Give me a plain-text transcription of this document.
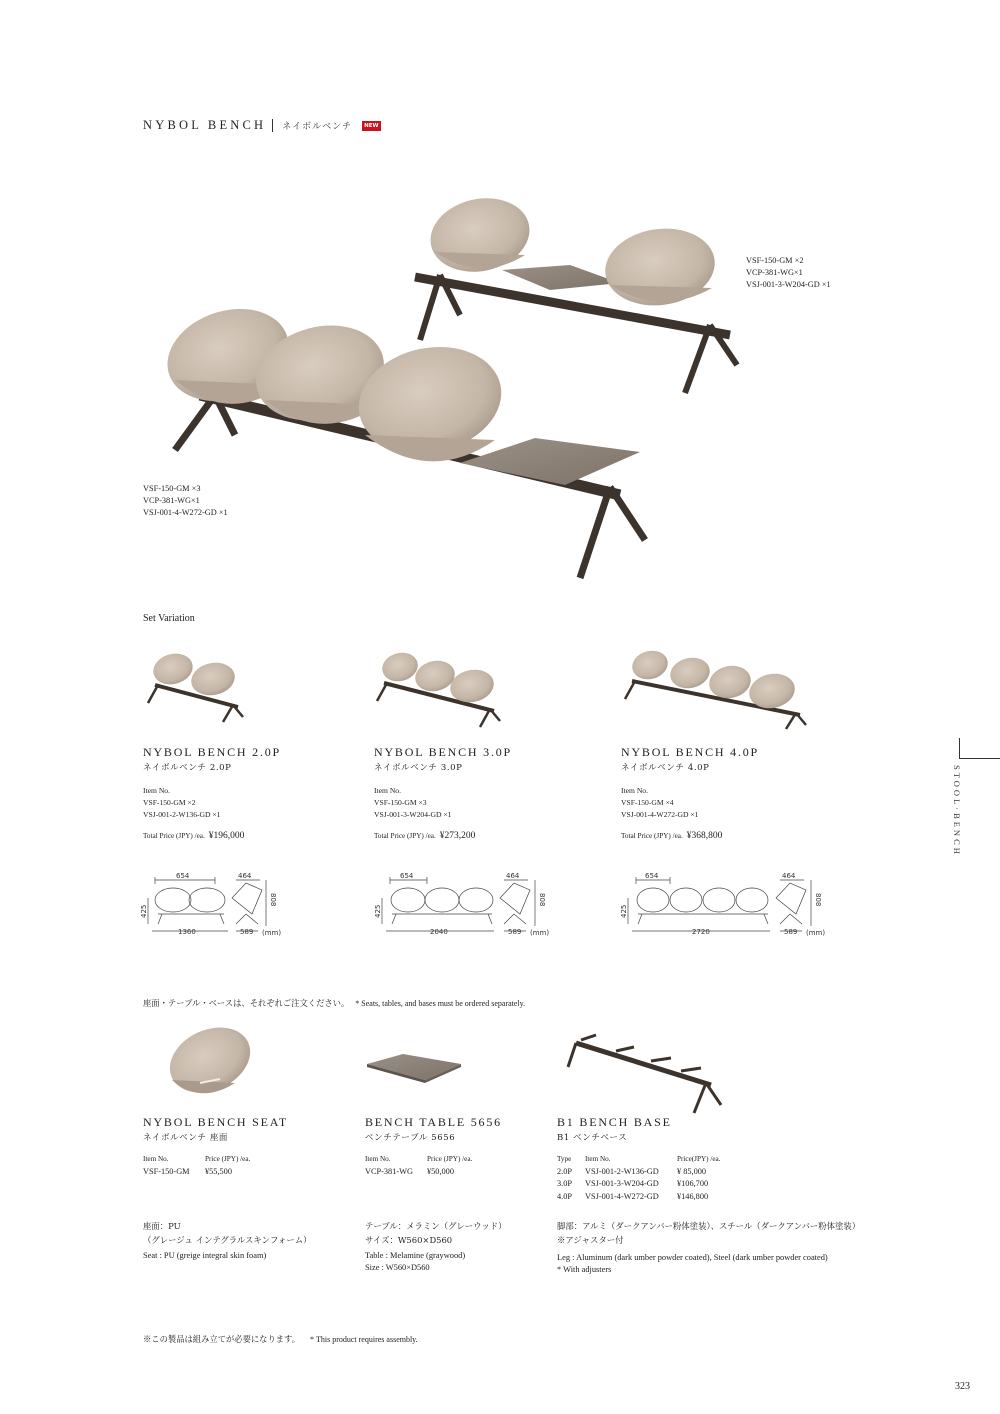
NYBOL BENCH ネイボルベンチ	NEW
VSF-150-GM ×2
VCP-381-WG×1
VSJ-001-3-W204-GD ×1
VSF-150-GM ×3
VCP-381-WG×1
VSJ-001-4-W272-GD ×1
Set Variation
STOOL·BENCH
NYBOL BENCH 2.0P
ネイボルベンチ 2.0P
Item No.
VSF-150-GM ×2
VSJ-001-2-W136-GD ×1
Total Price (JPY) /ea. ¥196,000
NYBOL BENCH 3.0P
ネイボルベンチ 3.0P
Item No.
VSF-150-GM ×3
VSJ-001-3-W204-GD ×1
Total Price (JPY) /ea. ¥273,200
NYBOL BENCH 4.0P
ネイボルベンチ 4.0P
Item No.
VSF-150-GM ×4
VSJ-001-4-W272-GD ×1
Total Price (JPY) /ea. ¥368,800
654	464
425
808
1360	589 (mm)
654	464
425
808
2040	589 (mm)
654	464
425
808
2720	589 (mm)
座面・テーブル・ベースは、それぞれご注文ください。 * Seats, tables, and bases must be ordered separately.
NYBOL BENCH SEAT
ネイボルベンチ 座面
Item No.	Price (JPY) /ea.
VSF-150-GM	¥55,500
座面：PU
（グレージュ インテグラルスキンフォーム）
Seat : PU (greige integral skin foam)
BENCH TABLE 5656
ベンチテーブル 5656
Item No.	Price (JPY) /ea.
VCP-381-WG	¥50,000
テーブル：メラミン（グレーウッド）
サイズ：W560×D560
Table : Melamine (graywood)
Size : W560×D560
B1 BENCH BASE
B1 ベンチベース
Type	Item No.	Price(JPY) /ea.
2.0P	VSJ-001-2-W136-GD	¥ 85,000
3.0P	VSJ-001-3-W204-GD	¥106,700
4.0P	VSJ-001-4-W272-GD	¥146,800
脚部：アルミ（ダークアンバー粉体塗装）、スチール（ダークアンバー粉体塗装）
※アジャスター付
Leg : Aluminum (dark umber powder coated), Steel (dark umber powder coated)
* With adjusters
※この製品は組み立てが必要になります。 * This product requires assembly.
323
